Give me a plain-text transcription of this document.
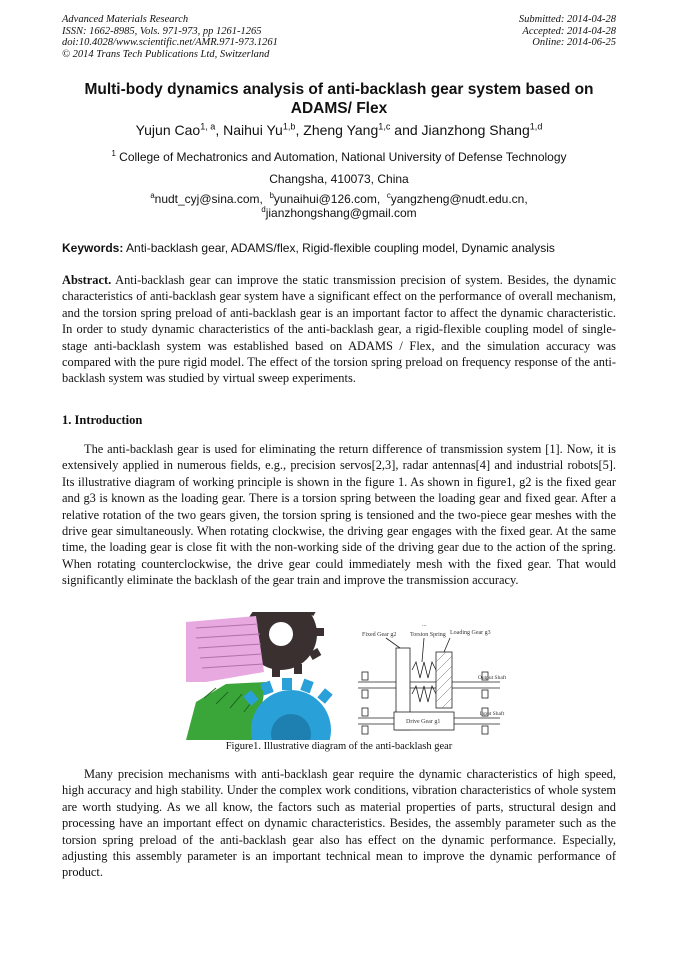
Advanced Materials Research
ISSN: 1662-8985, Vols. 971-973, pp 1261-1265
doi:10.4028/www.scientific.net/AMR.971-973.1261
© 2014 Trans Tech Publications Ltd, Switzerland
Submitted: 2014-04-28
Accepted: 2014-04-28
Online: 2014-06-25
Multi-body dynamics analysis of anti-backlash gear system based on ADAMS/ Flex
Yujun Cao$^{1, a}$, Naihui Yu$^{1,b}$, Zheng Yang$^{1,c}$ and Jianzhong Shang$^{1,d}$
$^1$ College of Mechatronics and Automation, National University of Defense Technology
Changsha, 410073, China
$^a$nudt_cyj@sina.com, $^b$yunaihui@126.com, $^c$yangzheng@nudt.edu.cn,
$^d$jianzhongshang@gmail.com
Keywords: Anti-backlash gear, ADAMS/flex, Rigid-flexible coupling model, Dynamic analysis
Abstract. Anti-backlash gear can improve the static transmission precision of system. Besides, the dynamic characteristics of anti-backlash gear system have a significant effect on the performance of overall mechanism, and the torsion spring preload of anti-backlash gear is an important factor to affect the dynamic characteristic. In order to study dynamic characteristics of the anti-backlash gear, a rigid-flexible coupling model of single-stage anti-backlash system was established based on ADAMS / Flex, and the simulation accuracy was compared with the pure rigid model. The effect of the torsion spring preload on frequency response of the anti-backlash system was studied by virtual sweep experiments.
1. Introduction
The anti-backlash gear is used for eliminating the return difference of transmission system [1]. Now, it is extensively applied in numerous fields, e.g., precision servos[2,3], radar antennas[4] and industrial robots[5]. Its illustrative diagram of working principle is shown in the figure 1. As shown in figure1, g2 is the fixed gear and g3 is known as the loading gear. There is a torsion spring between the loading gear and fixed gear. After a relative rotation of the two gears given, the torsion spring is tensioned and the two-piece gear meshes with the drive gear simultaneously. When rotating clockwise, the driving gear engages with the fixed gear. At the same time, the loading gear is close fit with the non-working side of the driving gear due to the action of the spring. When rotating counterclockwise, the drive gear could immediately mesh with the fixed gear. That would significantly eliminate the backlash of the gear train and improve the transmission accuracy.
Fixed Gear g2
...
Torsion Spring Loading Gear g3
Output Shaft
Drive Gear g1
Input Shaft
Figure1. Illustrative diagram of the anti-backlash gear
Many precision mechanisms with anti-backlash gear require the dynamic characteristics of high speed, high accuracy and high stability. Under the complex work conditions, vibration characteristics of whole system are worth studying. As we all know, the factors such as material properties of parts, structural design and processing have an important effect on dynamic characteristics. Besides, the assembly parameter such as the torsion spring preload of the anti-backlash gear also has effect on the dynamic performance. Especially, adjusting this assembly parameter is an important technical mean to improve the dynamic performance of product.
